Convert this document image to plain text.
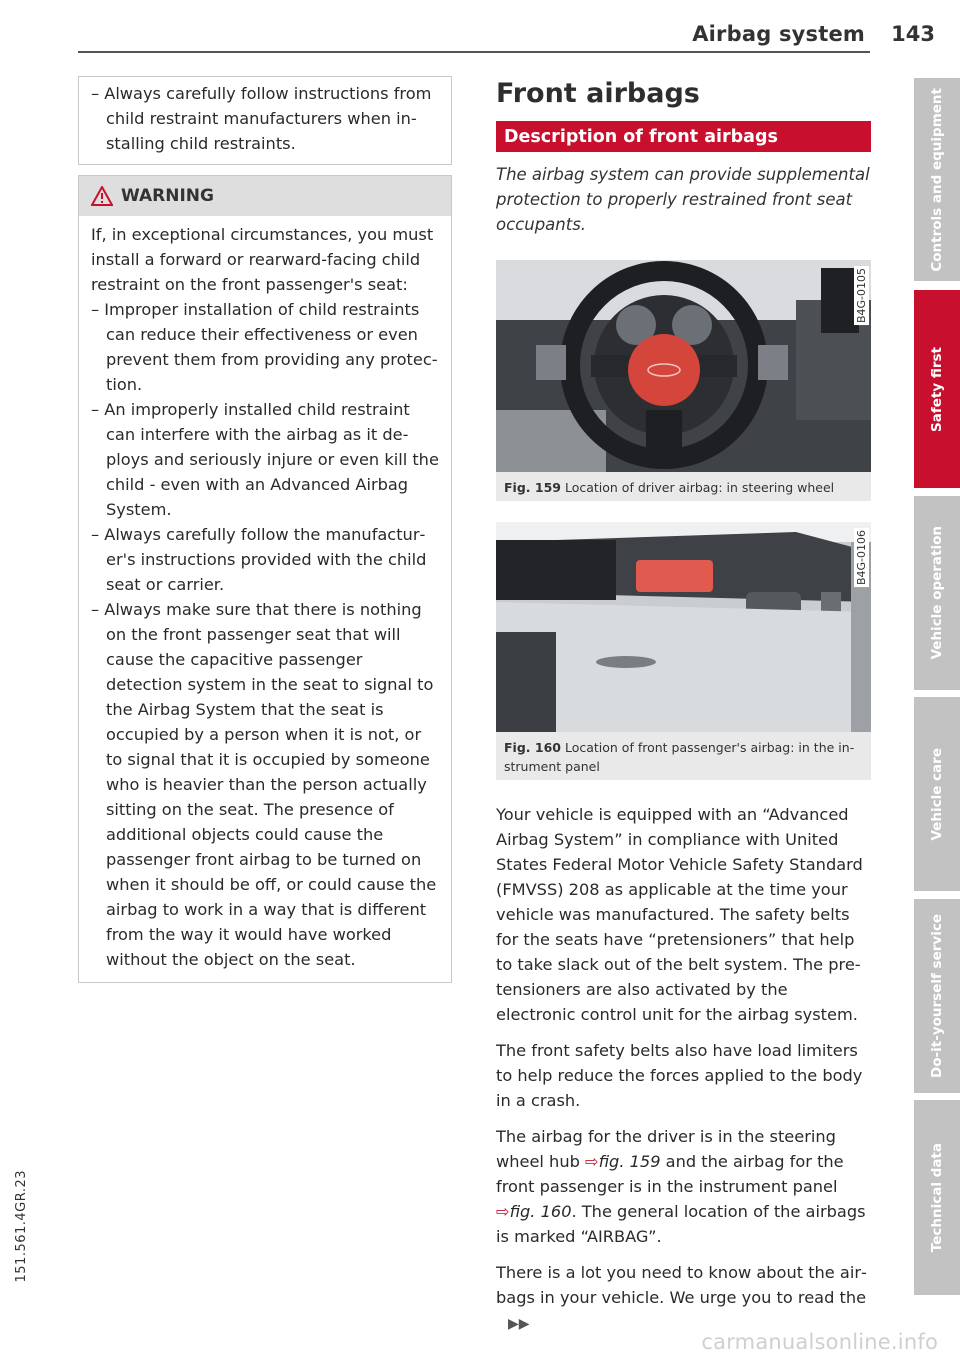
Airbag system 143

– Always carefully follow instructions from child restraint manufacturers when installing child restraints.

WARNING

If, in exceptional circumstances, you must install a forward or rearward-facing child restraint on the front passenger's seat:

– Improper installation of child restraints can reduce their effectiveness or even prevent them from providing any protection.

– An improperly installed child restraint can interfere with the airbag as it deploys and seriously injure or even kill the child - even with an Advanced Airbag System.

– Always carefully follow the manufacturer's instructions provided with the child seat or carrier.

– Always make sure that there is nothing on the front passenger seat that will cause the capacitive passenger detection system in the seat to signal to the Airbag System that the seat is occupied by a person when it is not, or to signal that it is occupied by someone who is heavier than the person actually sitting on the seat. The presence of additional objects could cause the passenger front airbag to be turned on when it should be off, or could cause the airbag to work in a way that is different from the way it would have worked without the object on the seat.

Front airbags
Description of front airbags

The airbag system can provide supplemental protection to properly restrained front seat occupants.

B4G-0105
Fig. 159 Location of driver airbag: in steering wheel
B4G-0106
Fig. 160 Location of front passenger's airbag: in the instrument panel

Your vehicle is equipped with an “Advanced Airbag System” in compliance with United States Federal Motor Vehicle Safety Standard (FMVSS) 208 as applicable at the time your vehicle was manufactured. The safety belts for the seats have “pretensioners” that help to take slack out of the belt system. The pretensioners are also activated by the electronic control unit for the airbag system.

The front safety belts also have load limiters to help reduce the forces applied to the body in a crash.

The airbag for the driver is in the steering wheel hub ⇨fig. 159 and the airbag for the front passenger is in the instrument panel ⇨fig. 160. The general location of the airbags is marked “AIRBAG”.

There is a lot you need to know about the airbags in your vehicle. We urge you to read the▶▶

Controls and equipment
Safety first
Vehicle operation
Vehicle care
Do-it-yourself service
Technical data
151.561.4GR.23
carmanualsonline.info
